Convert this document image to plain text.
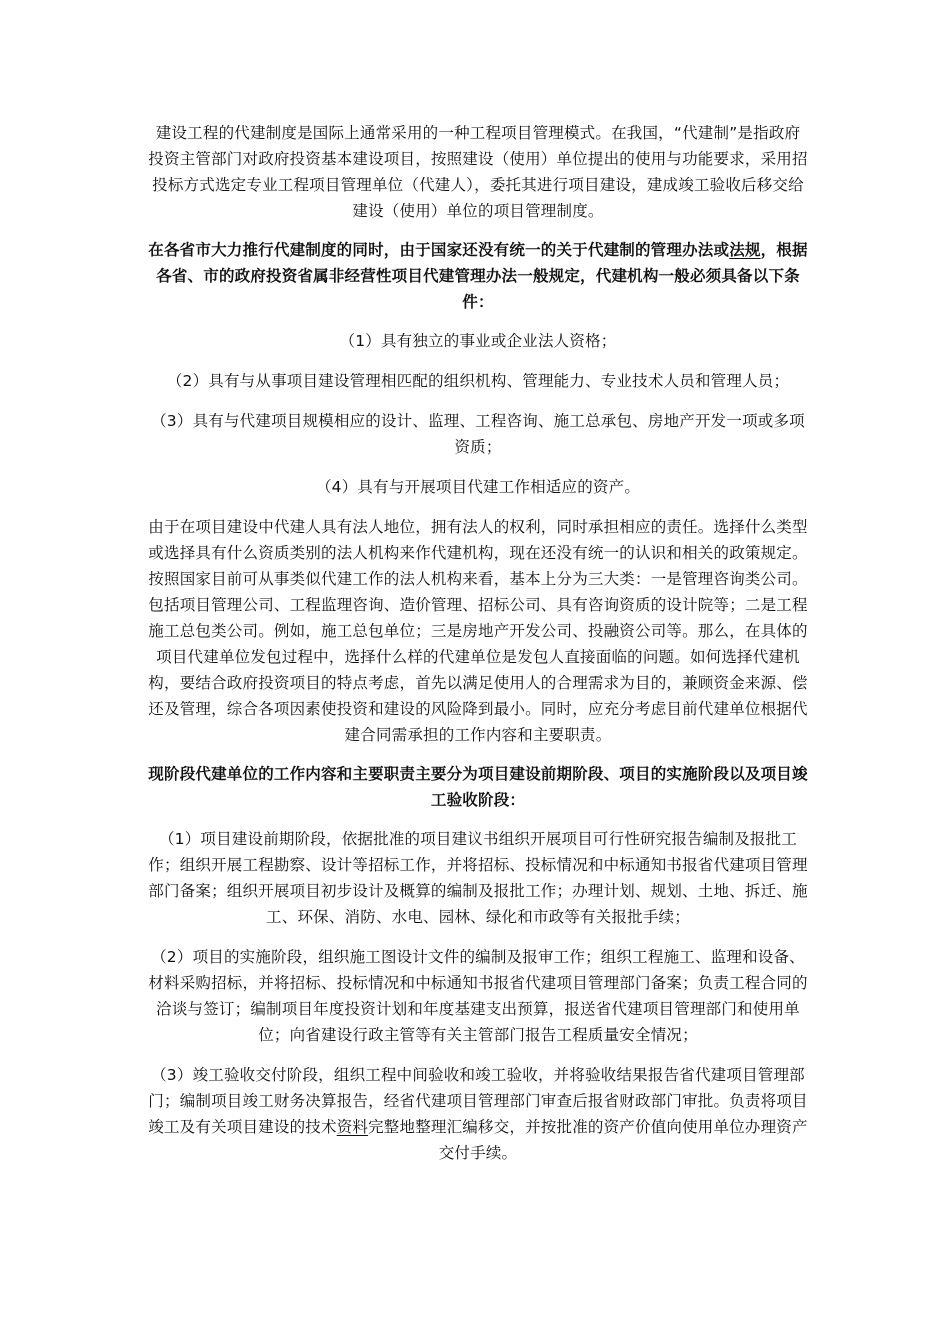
建设工程的代建制度是国际上通常采用的一种工程项目管理模式。在我国，“代建制”是指政府投资主管部门对政府投资基本建设项目，按照建设（使用）单位提出的使用与功能要求，采用招投标方式选定专业工程项目管理单位（代建人），委托其进行项目建设，建成竣工验收后移交给建设（使用）单位的项目管理制度。

在各省市大力推行代建制度的同时，由于国家还没有统一的关于代建制的管理办法或法规，根据各省、市的政府投资省属非经营性项目代建管理办法一般规定，代建机构一般必须具备以下条件：

（1）具有独立的事业或企业法人资格；

（2）具有与从事项目建设管理相匹配的组织机构、管理能力、专业技术人员和管理人员；

（3）具有与代建项目规模相应的设计、监理、工程咨询、施工总承包、房地产开发一项或多项资质；

（4）具有与开展项目代建工作相适应的资产。

由于在项目建设中代建人具有法人地位，拥有法人的权利，同时承担相应的责任。选择什么类型或选择具有什么资质类别的法人机构来作代建机构，现在还没有统一的认识和相关的政策规定。按照国家目前可从事类似代建工作的法人机构来看，基本上分为三大类：一是管理咨询类公司。包括项目管理公司、工程监理咨询、造价管理、招标公司、具有咨询资质的设计院等；二是工程施工总包类公司。例如，施工总包单位；三是房地产开发公司、投融资公司等。那么，在具体的项目代建单位发包过程中，选择什么样的代建单位是发包人直接面临的问题。如何选择代建机构，要结合政府投资项目的特点考虑，首先以满足使用人的合理需求为目的，兼顾资金来源、偿还及管理，综合各项因素使投资和建设的风险降到最小。同时，应充分考虑目前代建单位根据代建合同需承担的工作内容和主要职责。

现阶段代建单位的工作内容和主要职责主要分为项目建设前期阶段、项目的实施阶段以及项目竣工验收阶段：

（1）项目建设前期阶段，依据批准的项目建议书组织开展项目可行性研究报告编制及报批工作；组织开展工程勘察、设计等招标工作，并将招标、投标情况和中标通知书报省代建项目管理部门备案；组织开展项目初步设计及概算的编制及报批工作；办理计划、规划、土地、拆迁、施工、环保、消防、水电、园林、绿化和市政等有关报批手续；

（2）项目的实施阶段，组织施工图设计文件的编制及报审工作；组织工程施工、监理和设备、材料采购招标，并将招标、投标情况和中标通知书报省代建项目管理部门备案；负责工程合同的洽谈与签订；编制项目年度投资计划和年度基建支出预算，报送省代建项目管理部门和使用单位；向省建设行政主管等有关主管部门报告工程质量安全情况；

（3）竣工验收交付阶段，组织工程中间验收和竣工验收，并将验收结果报告省代建项目管理部门；编制项目竣工财务决算报告，经省代建项目管理部门审查后报省财政部门审批。负责将项目竣工及有关项目建设的技术资料完整地整理汇编移交，并按批准的资产价值向使用单位办理资产交付手续。
